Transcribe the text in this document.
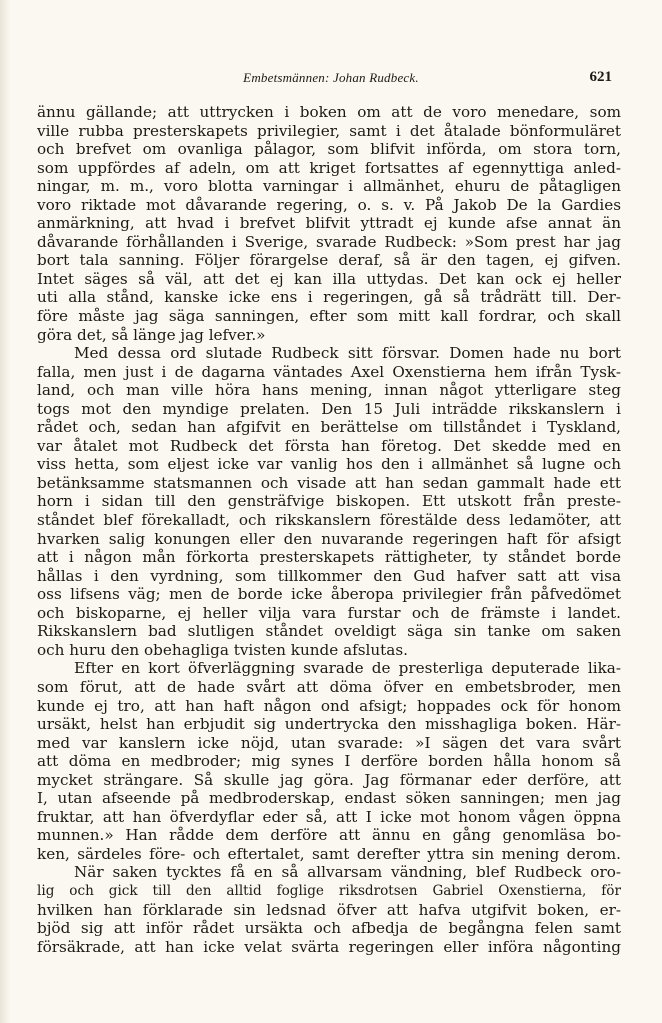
Embetsmännen: Johan Rudbeck.	621
ännu gällande; att uttrycken i boken om att de voro menedare, som
ville rubba presterskapets privilegier, samt i det åtalade bönformuläret
och brefvet om ovanliga pålagor, som blifvit införda, om stora torn,
som uppfördes af adeln, om att kriget fortsattes af egennyttiga anled-
ningar, m. m., voro blotta varningar i allmänhet, ehuru de påtagligen
voro riktade mot dåvarande regering, o. s. v. På Jakob De la Gardies
anmärkning, att hvad i brefvet blifvit yttradt ej kunde afse annat än
dåvarande förhållanden i Sverige, svarade Rudbeck: »Som prest har jag
bort tala sanning. Följer förargelse deraf, så är den tagen, ej gifven.
Intet säges så väl, att det ej kan illa uttydas. Det kan ock ej heller
uti alla stånd, kanske icke ens i regeringen, gå så trådrätt till. Der-
före måste jag säga sanningen, efter som mitt kall fordrar, och skall
göra det, så länge jag lefver.»
Med dessa ord slutade Rudbeck sitt försvar. Domen hade nu bort
falla, men just i de dagarna väntades Axel Oxenstierna hem ifrån Tysk-
land, och man ville höra hans mening, innan något ytterligare steg
togs mot den myndige prelaten. Den 15 Juli inträdde rikskanslern i
rådet och, sedan han afgifvit en berättelse om tillståndet i Tyskland,
var åtalet mot Rudbeck det första han företog. Det skedde med en
viss hetta, som eljest icke var vanlig hos den i allmänhet så lugne och
betänksamme statsmannen och visade att han sedan gammalt hade ett
horn i sidan till den gensträfvige biskopen. Ett utskott från preste-
ståndet blef förekalladt, och rikskanslern förestälde dess ledamöter, att
hvarken salig konungen eller den nuvarande regeringen haft för afsigt
att i någon mån förkorta presterskapets rättigheter, ty ståndet borde
hållas i den vyrdning, som tillkommer den Gud hafver satt att visa
oss lifsens väg; men de borde icke åberopa privilegier från påfvedömet
och biskoparne, ej heller vilja vara furstar och de främste i landet.
Rikskanslern bad slutligen ståndet oveldigt säga sin tanke om saken
och huru den obehagliga tvisten kunde afslutas.
Efter en kort öfverläggning svarade de presterliga deputerade lika-
som förut, att de hade svårt att döma öfver en embetsbroder, men
kunde ej tro, att han haft någon ond afsigt; hoppades ock för honom
ursäkt, helst han erbjudit sig undertrycka den misshagliga boken. Här-
med var kanslern icke nöjd, utan svarade: »I sägen det vara svårt
att döma en medbroder; mig synes I derföre borden hålla honom så
mycket strängare. Så skulle jag göra. Jag förmanar eder derföre, att
I, utan afseende på medbroderskap, endast söken sanningen; men jag
fruktar, att han öfverdyflar eder så, att I icke mot honom vågen öppna
munnen.» Han rådde dem derföre att ännu en gång genomläsa bo-
ken, särdeles före- och eftertalet, samt derefter yttra sin mening derom.
När saken tycktes få en så allvarsam vändning, blef Rudbeck oro-
lig och gick till den alltid foglige riksdrotsen Gabriel Oxenstierna, för
hvilken han förklarade sin ledsnad öfver att hafva utgifvit boken, er-
bjöd sig att inför rådet ursäkta och afbedja de begångna felen samt
försäkrade, att han icke velat svärta regeringen eller införa någonting
